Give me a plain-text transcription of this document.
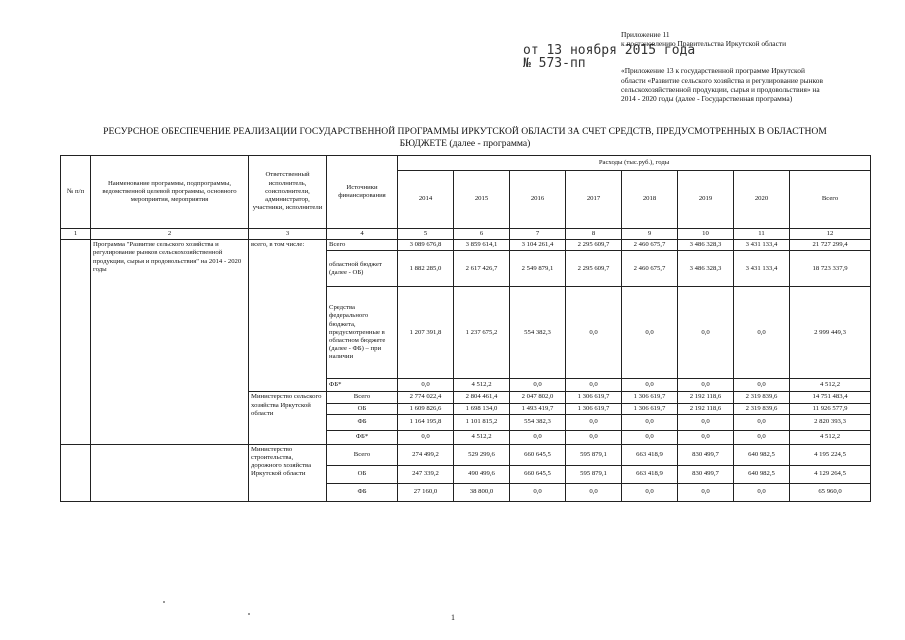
Приложение 11
к постановлению Правительства Иркутской области
«Приложение 13 к государственной программе Иркутской
области «Развитие сельского хозяйства и регулирование рынков
сельскохозяйственной продукции, сырья и продовольствия» на
2014 - 2020 годы (далее - Государственная программа)
от 13 ноября 2015 года
№ 573-пп
РЕСУРСНОЕ ОБЕСПЕЧЕНИЕ РЕАЛИЗАЦИИ ГОСУДАРСТВЕННОЙ ПРОГРАММЫ ИРКУТСКОЙ ОБЛАСТИ ЗА СЧЕТ СРЕДСТВ, ПРЕДУСМОТРЕННЫХ В ОБЛАСТНОМ
БЮДЖЕТЕ (далее - программа)
№ п/п	Наименование программы, подпрограммы, ведомственной целевой программы, основного мероприятия, мероприятия	Ответственный исполнитель, соисполнители, администратор, участники, исполнители	Источники финансирования	Расходы (тыс.руб.), годы							
				2014	2015	2016	2017	2018	2019	2020	Всего
1	2	3	4	5	6	7	8	9	10	11	12
	Программа "Развитие сельского хозяйства и регулирование рынков сельскохозяйственной продукции, сырья и продовольствия" на 2014 - 2020 годы	всего, в том числе:	Всего	3 089 676,8	3 859 614,1	3 104 261,4	2 295 609,7	2 460 675,7	3 486 328,3	3 431 133,4	21 727 299,4
			областной бюджет (далее - ОБ)	1 882 285,0	2 617 426,7	2 549 879,1	2 295 609,7	2 460 675,7	3 486 328,3	3 431 133,4	18 723 337,9
			Средства федерального бюджета, предусмотренные в областном бюджете (далее - ФБ) – при наличии	1 207 391,8	1 237 675,2	554 382,3	0,0	0,0	0,0	0,0	2 999 449,3
			ФБ*	0,0	4 512,2	0,0	0,0	0,0	0,0	0,0	4 512,2
		Министерство сельского хозяйства Иркутской области	Всего	2 774 022,4	2 804 461,4	2 047 802,0	1 306 619,7	1 306 619,7	2 192 118,6	2 319 839,6	14 751 483,4
			ОБ	1 609 826,6	1 698 134,0	1 493 419,7	1 306 619,7	1 306 619,7	2 192 118,6	2 319 839,6	11 926 577,9
			ФБ	1 164 195,8	1 101 815,2	554 382,3	0,0	0,0	0,0	0,0	2 820 393,3
			ФБ*	0,0	4 512,2	0,0	0,0	0,0	0,0	0,0	4 512,2
		Министерство строительства, дорожного хозяйства Иркутской области	Всего	274 499,2	529 299,6	660 645,5	595 879,1	663 418,9	830 499,7	640 982,5	4 195 224,5
			ОБ	247 339,2	490 499,6	660 645,5	595 879,1	663 418,9	830 499,7	640 982,5	4 129 264,5
			ФБ	27 160,0	38 800,0	0,0	0,0	0,0	0,0	0,0	65 960,0
1
